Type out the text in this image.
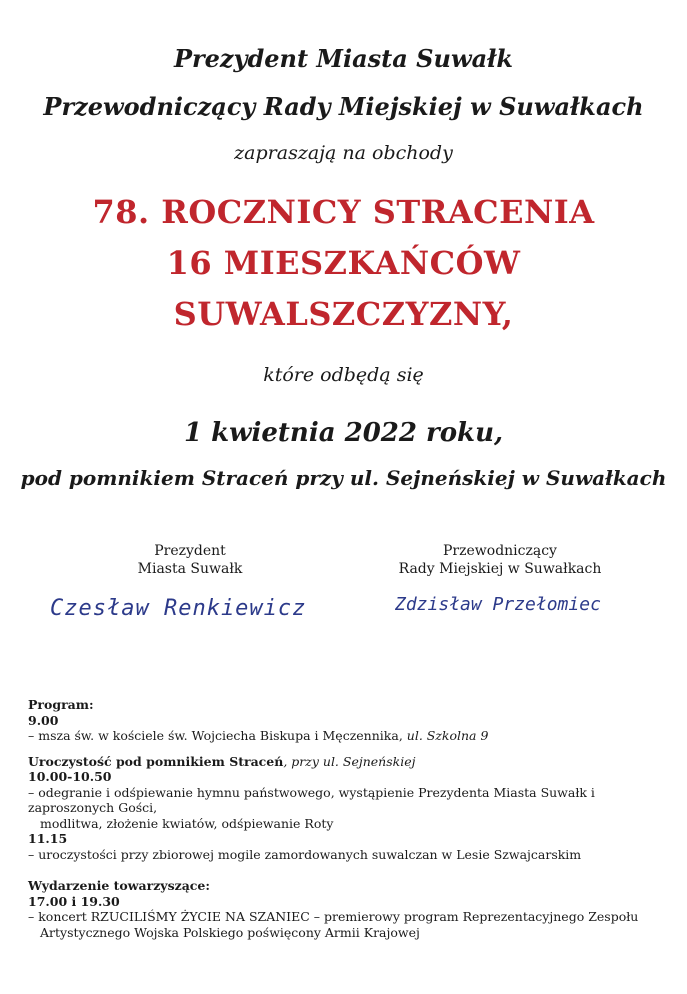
Prezydent Miasta Suwałk
Przewodniczący Rady Miejskiej w Suwałkach
zapraszają na obchody
78. ROCZNICY STRACENIA
16 MIESZKAŃCÓW
SUWALSZCZYZNY,
które odbędą się
1 kwietnia 2022 roku,
pod pomnikiem Straceń przy ul. Sejneńskiej w Suwałkach
Prezydent
Miasta Suwałk
Czesław Renkiewicz
Przewodniczący
Rady Miejskiej w Suwałkach
Zdzisław Przełomiec
Program:
9.00
– msza św. w kościele św. Wojciecha Biskupa i Męczennika, ul. Szkolna 9
Uroczystość pod pomnikiem Straceń, przy ul. Sejneńskiej
10.00-10.50
– odegranie i odśpiewanie hymnu państwowego, wystąpienie Prezydenta Miasta Suwałk i zaproszonych Gości,
modlitwa, złożenie kwiatów, odśpiewanie Roty
11.15
– uroczystości przy zbiorowej mogile zamordowanych suwalczan w Lesie Szwajcarskim
Wydarzenie towarzyszące:
17.00 i 19.30
– koncert RZUCILIŚMY ŻYCIE NA SZANIEC – premierowy program Reprezentacyjnego Zespołu
Artystycznego Wojska Polskiego poświęcony Armii Krajowej
